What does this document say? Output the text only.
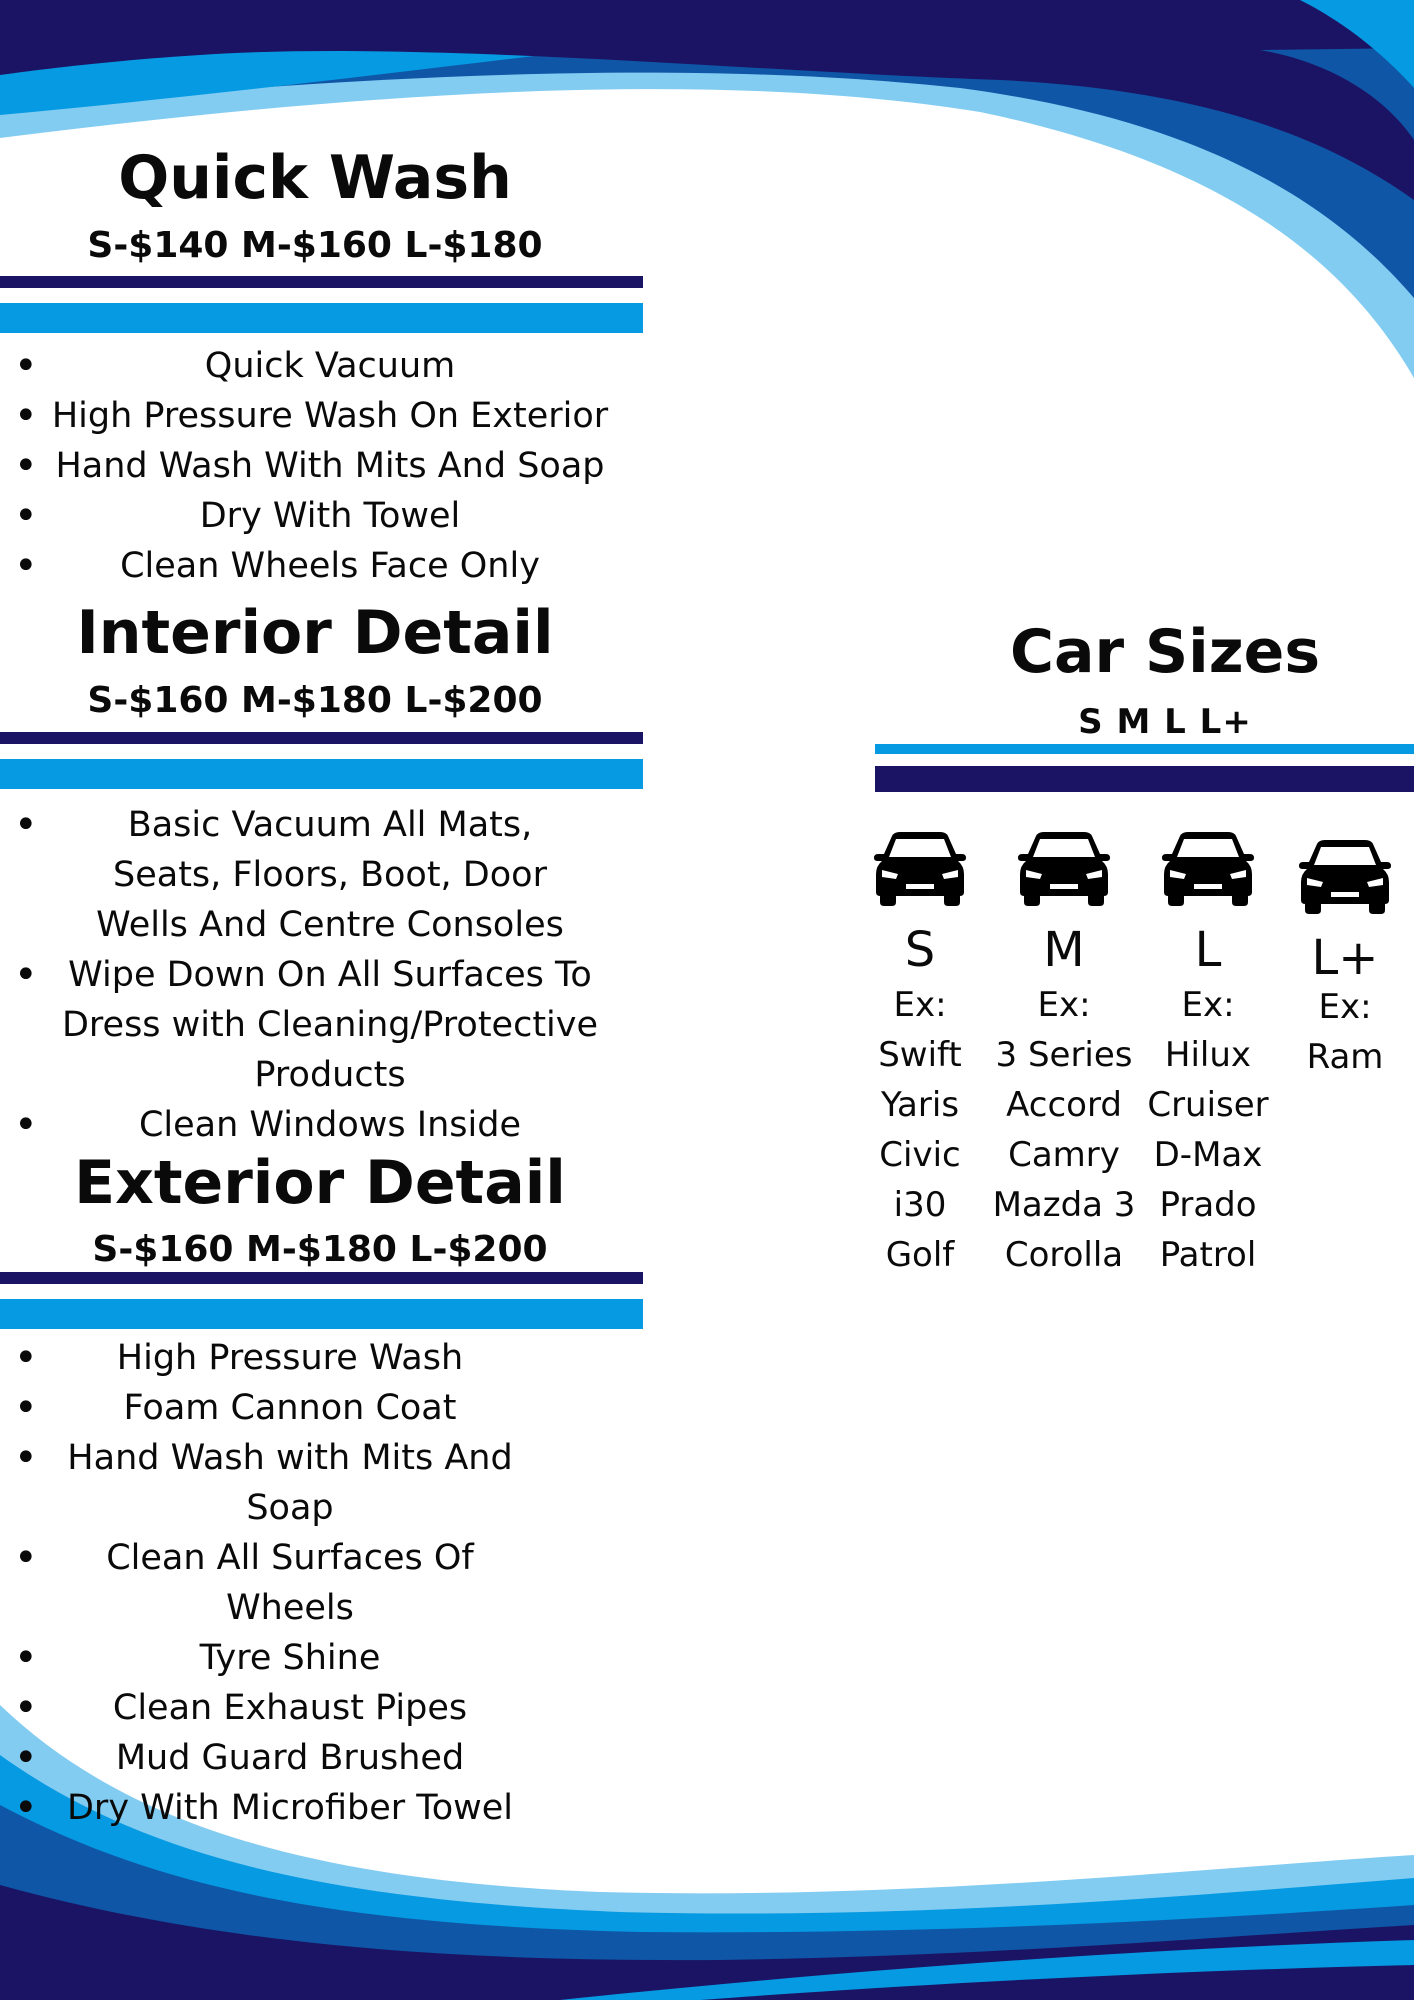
Quick Wash

S-$140 M-$160 L-$180

• Quick Vacuum
• High Pressure Wash On Exterior
• Hand Wash With Mits And Soap
• Dry With Towel
• Clean Wheels Face Only
Interior Detail

S-$160 M-$180 L-$200

• Basic Vacuum All Mats, Seats, Floors, Boot, Door Wells And Centre Consoles
• Wipe Down On All Surfaces To Dress with Cleaning/Protective Products
• Clean Windows Inside
Exterior Detail

S-$160 M-$180 L-$200

• High Pressure Wash
• Foam Cannon Coat
• Hand Wash with Mits And Soap
• Clean All Surfaces Of Wheels
• Tyre Shine
• Clean Exhaust Pipes
• Mud Guard Brushed
• Dry With Microfiber Towel
Car Sizes

S M L L+

S
Ex:
Swift
Yaris
Civic
i30
Golf
M
Ex:
3 Series
Accord
Camry
Mazda 3
Corolla
L
Ex:
Hilux
Cruiser
D-Max
Prado
Patrol
L+
Ex:
Ram
